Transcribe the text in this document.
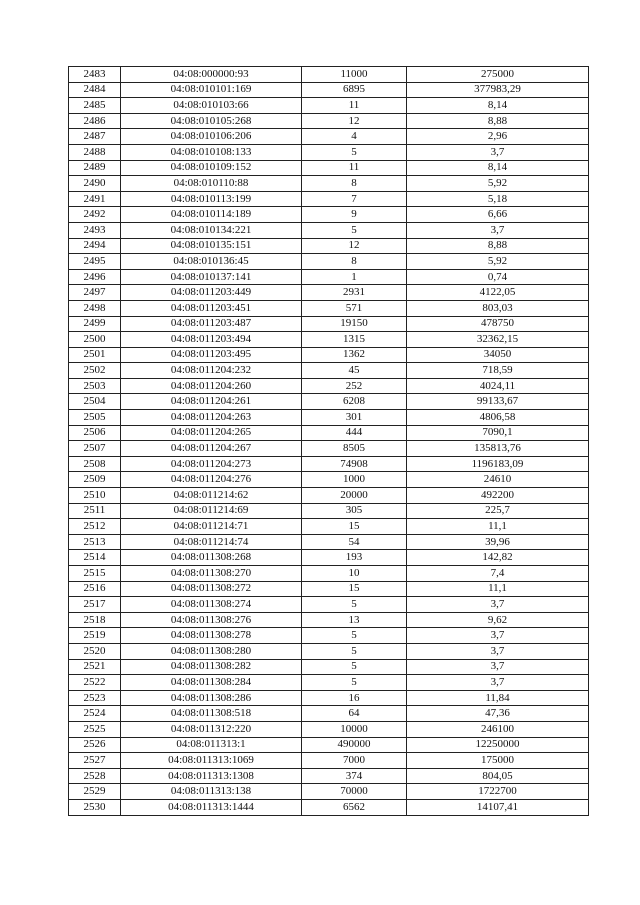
2483	04:08:000000:93	11000	275000
2484	04:08:010101:169	6895	377983,29
2485	04:08:010103:66	11	8,14
2486	04:08:010105:268	12	8,88
2487	04:08:010106:206	4	2,96
2488	04:08:010108:133	5	3,7
2489	04:08:010109:152	11	8,14
2490	04:08:010110:88	8	5,92
2491	04:08:010113:199	7	5,18
2492	04:08:010114:189	9	6,66
2493	04:08:010134:221	5	3,7
2494	04:08:010135:151	12	8,88
2495	04:08:010136:45	8	5,92
2496	04:08:010137:141	1	0,74
2497	04:08:011203:449	2931	4122,05
2498	04:08:011203:451	571	803,03
2499	04:08:011203:487	19150	478750
2500	04:08:011203:494	1315	32362,15
2501	04:08:011203:495	1362	34050
2502	04:08:011204:232	45	718,59
2503	04:08:011204:260	252	4024,11
2504	04:08:011204:261	6208	99133,67
2505	04:08:011204:263	301	4806,58
2506	04:08:011204:265	444	7090,1
2507	04:08:011204:267	8505	135813,76
2508	04:08:011204:273	74908	1196183,09
2509	04:08:011204:276	1000	24610
2510	04:08:011214:62	20000	492200
2511	04:08:011214:69	305	225,7
2512	04:08:011214:71	15	11,1
2513	04:08:011214:74	54	39,96
2514	04:08:011308:268	193	142,82
2515	04:08:011308:270	10	7,4
2516	04:08:011308:272	15	11,1
2517	04:08:011308:274	5	3,7
2518	04:08:011308:276	13	9,62
2519	04:08:011308:278	5	3,7
2520	04:08:011308:280	5	3,7
2521	04:08:011308:282	5	3,7
2522	04:08:011308:284	5	3,7
2523	04:08:011308:286	16	11,84
2524	04:08:011308:518	64	47,36
2525	04:08:011312:220	10000	246100
2526	04:08:011313:1	490000	12250000
2527	04:08:011313:1069	7000	175000
2528	04:08:011313:1308	374	804,05
2529	04:08:011313:138	70000	1722700
2530	04:08:011313:1444	6562	14107,41
